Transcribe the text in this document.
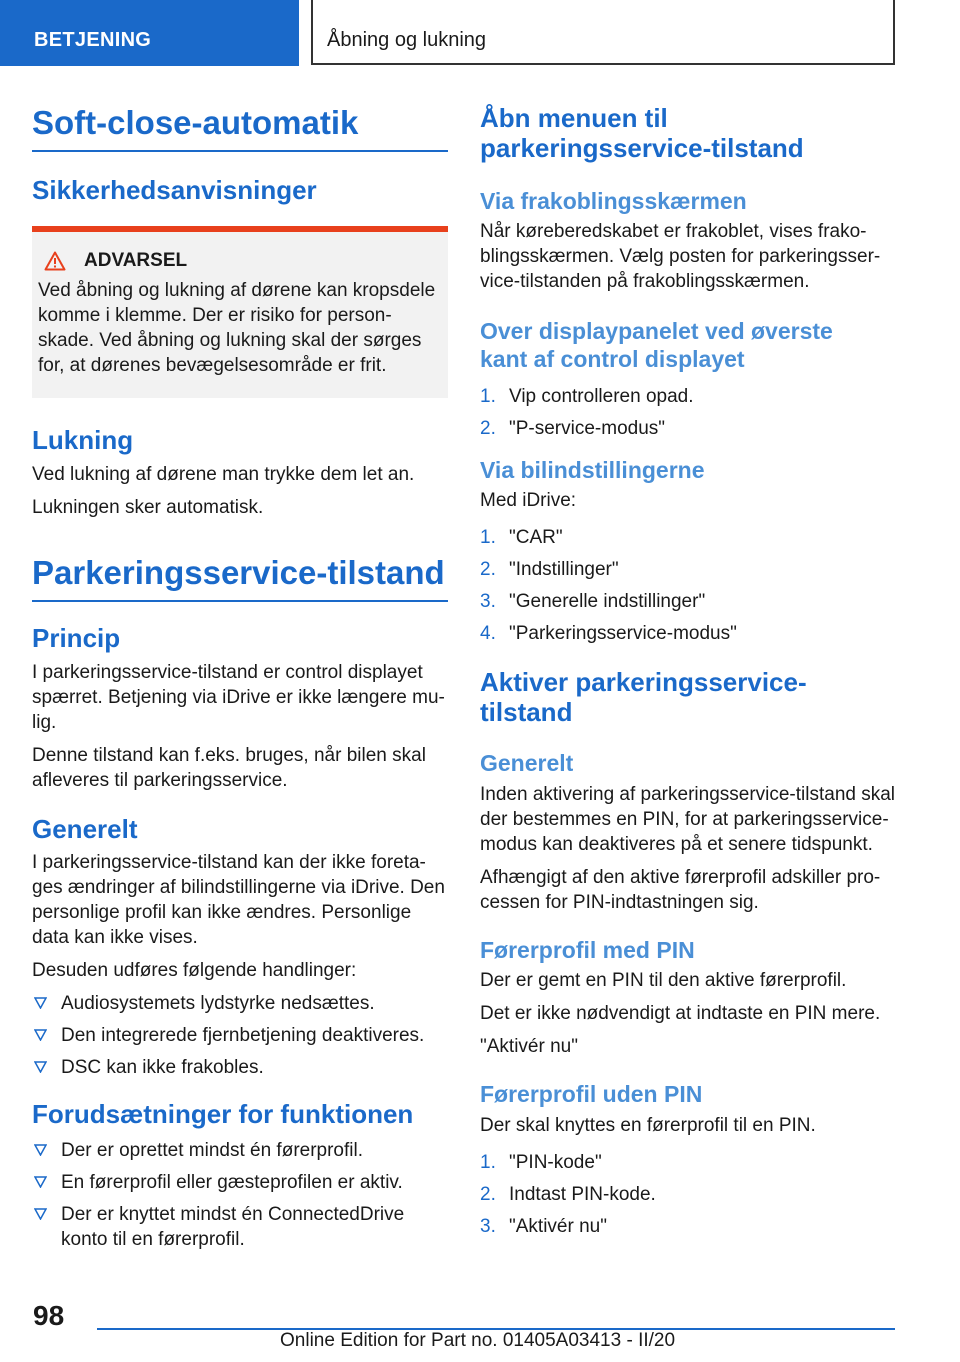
BETJENING	Åbning og lukning
Soft-close-automatik
Sikkerhedsanvisninger
ADVARSEL

Ved åbning og lukning af dørene kan kropsdele

komme i klemme. Der er risiko for person-

skade. Ved åbning og lukning skal der sørges

for, at dørenes bevægelsesområde er frit.

Lukning

Ved lukning af dørene man trykke dem let an.

Lukningen sker automatisk.

Parkeringsservice-tilstand
Princip

I parkeringsservice-tilstand er control displayet

spærret. Betjening via iDrive er ikke længere mu-

lig.

Denne tilstand kan f.eks. bruges, når bilen skal

afleveres til parkeringsservice.

Generelt

I parkeringsservice-tilstand kan der ikke foreta-

ges ændringer af bilindstillingerne via iDrive. Den

personlige profil kan ikke ændres. Personlige

data kan ikke vises.

Desuden udføres følgende handlinger:

Audiosystemets lydstyrke nedsættes.
Den integrerede fjernbetjening deaktiveres.
DSC kan ikke frakobles.
Forudsætninger for funktionen
Der er oprettet mindst én førerprofil.
En førerprofil eller gæsteprofilen er aktiv.
Der er knyttet mindst én ConnectedDrive
konto til en førerprofil.
Åbn menuen til
parkeringsservice-tilstand
Via frakoblingsskærmen

Når køreberedskabet er frakoblet, vises frako-

blingsskærmen. Vælg posten for parkeringsser-

vice-tilstanden på frakoblingsskærmen.

Over displaypanelet ved øverste
kant af control displayet
1. Vip controlleren opad.
2. "P-service-modus"
Via bilindstillingerne

Med iDrive:

1. "CAR"
2. "Indstillinger"
3. "Generelle indstillinger"
4. "Parkeringsservice-modus"
Aktiver parkeringsservice-
tilstand
Generelt

Inden aktivering af parkeringsservice-tilstand skal

der bestemmes en PIN, for at parkeringsservice-

modus kan deaktiveres på et senere tidspunkt.

Afhængigt af den aktive førerprofil adskiller pro-

cessen for PIN-indtastningen sig.

Førerprofil med PIN

Der er gemt en PIN til den aktive førerprofil.

Det er ikke nødvendigt at indtaste en PIN mere.

"Aktivér nu"

Førerprofil uden PIN

Der skal knyttes en førerprofil til en PIN.

1. "PIN-kode"
2. Indtast PIN-kode.
3. "Aktivér nu"
98
Online Edition for Part no. 01405A03413 - II/20
